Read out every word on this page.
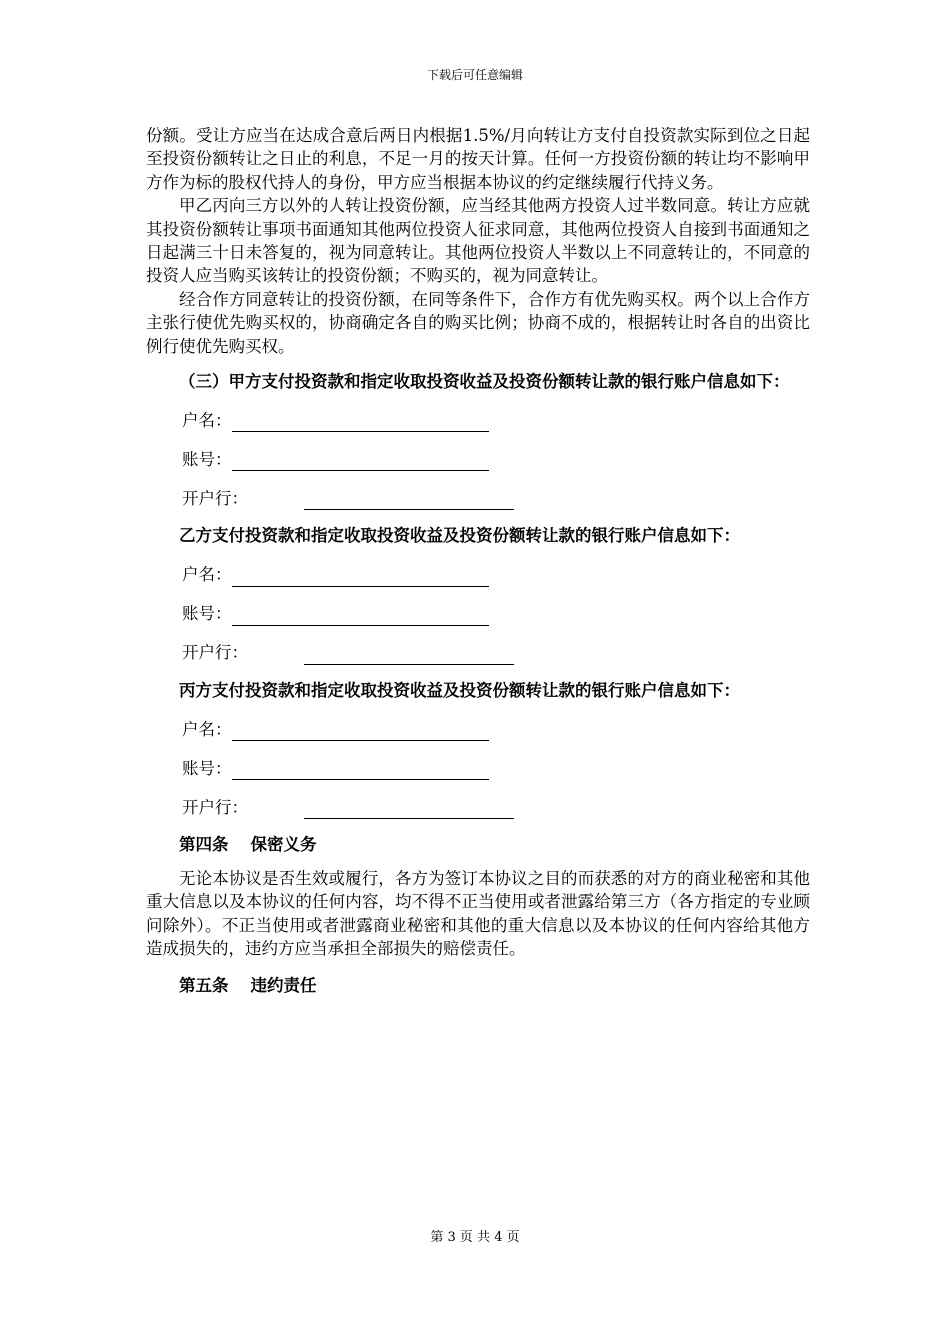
下载后可任意编辑

份额。受让方应当在达成合意后两日内根据1.5%/月向转让方支付自投资款实际到位之日起至投资份额转让之日止的利息，不足一月的按天计算。任何一方投资份额的转让均不影响甲方作为标的股权代持人的身份，甲方应当根据本协议的约定继续履行代持义务。

甲乙丙向三方以外的人转让投资份额，应当经其他两方投资人过半数同意。转让方应就其投资份额转让事项书面通知其他两位投资人征求同意，其他两位投资人自接到书面通知之日起满三十日未答复的，视为同意转让。其他两位投资人半数以上不同意转让的，不同意的投资人应当购买该转让的投资份额；不购买的，视为同意转让。

经合作方同意转让的投资份额，在同等条件下，合作方有优先购买权。两个以上合作方主张行使优先购买权的，协商确定各自的购买比例；协商不成的，根据转让时各自的出资比例行使优先购买权。

（三）甲方支付投资款和指定收取投资收益及投资份额转让款的银行账户信息如下：

户名：
账号：
开户行：

乙方支付投资款和指定收取投资收益及投资份额转让款的银行账户信息如下：

户名：
账号：
开户行：

丙方支付投资款和指定收取投资收益及投资份额转让款的银行账户信息如下：

户名：
账号：
开户行：

第四条 保密义务

无论本协议是否生效或履行，各方为签订本协议之目的而获悉的对方的商业秘密和其他重大信息以及本协议的任何内容，均不得不正当使用或者泄露给第三方（各方指定的专业顾问除外）。不正当使用或者泄露商业秘密和其他的重大信息以及本协议的任何内容给其他方造成损失的，违约方应当承担全部损失的赔偿责任。

第五条 违约责任

第 3 页 共 4 页
